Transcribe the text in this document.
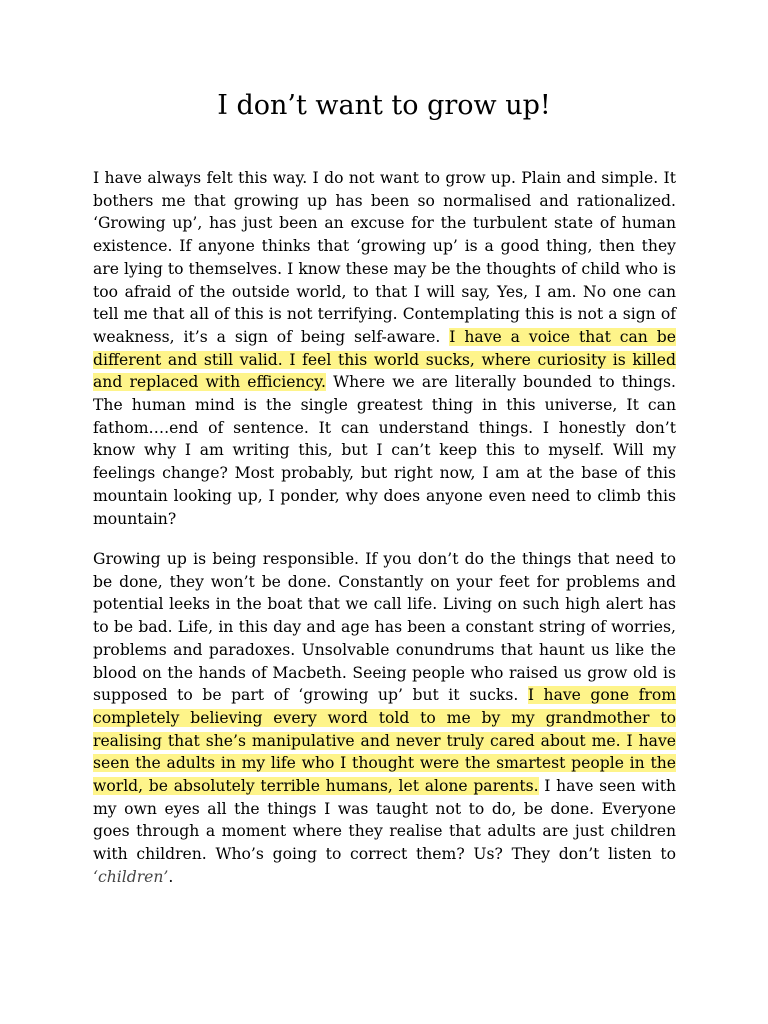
I don’t want to grow up!

I have always felt this way. I do not want to grow up. Plain and simple. It bothers me that growing up has been so normalised and rationalized. ‘Growing up’, has just been an excuse for the turbulent state of human existence. If anyone thinks that ‘growing up’ is a good thing, then they are lying to themselves. I know these may be the thoughts of child who is too afraid of the outside world, to that I will say, Yes, I am. No one can tell me that all of this is not terrifying. Contemplating this is not a sign of weakness, it’s a sign of being self-aware. I have a voice that can be different and still valid. I feel this world sucks, where curiosity is killed and replaced with efficiency. Where we are literally bounded to things. The human mind is the single greatest thing in this universe, It can fathom….end of sentence. It can understand things. I honestly don’t know why I am writing this, but I can’t keep this to myself. Will my feelings change? Most probably, but right now, I am at the base of this mountain looking up, I ponder, why does anyone even need to climb this mountain?

Growing up is being responsible. If you don’t do the things that need to be done, they won’t be done. Constantly on your feet for problems and potential leeks in the boat that we call life. Living on such high alert has to be bad. Life, in this day and age has been a constant string of worries, problems and paradoxes. Unsolvable conundrums that haunt us like the blood on the hands of Macbeth. Seeing people who raised us grow old is supposed to be part of ‘growing up’ but it sucks. I have gone from completely believing every word told to me by my grandmother to realising that she’s manipulative and never truly cared about me. I have seen the adults in my life who I thought were the smartest people in the world, be absolutely terrible humans, let alone parents. I have seen with my own eyes all the things I was taught not to do, be done. Everyone goes through a moment where they realise that adults are just children with children. Who’s going to correct them? Us? They don’t listen to ‘children’.
